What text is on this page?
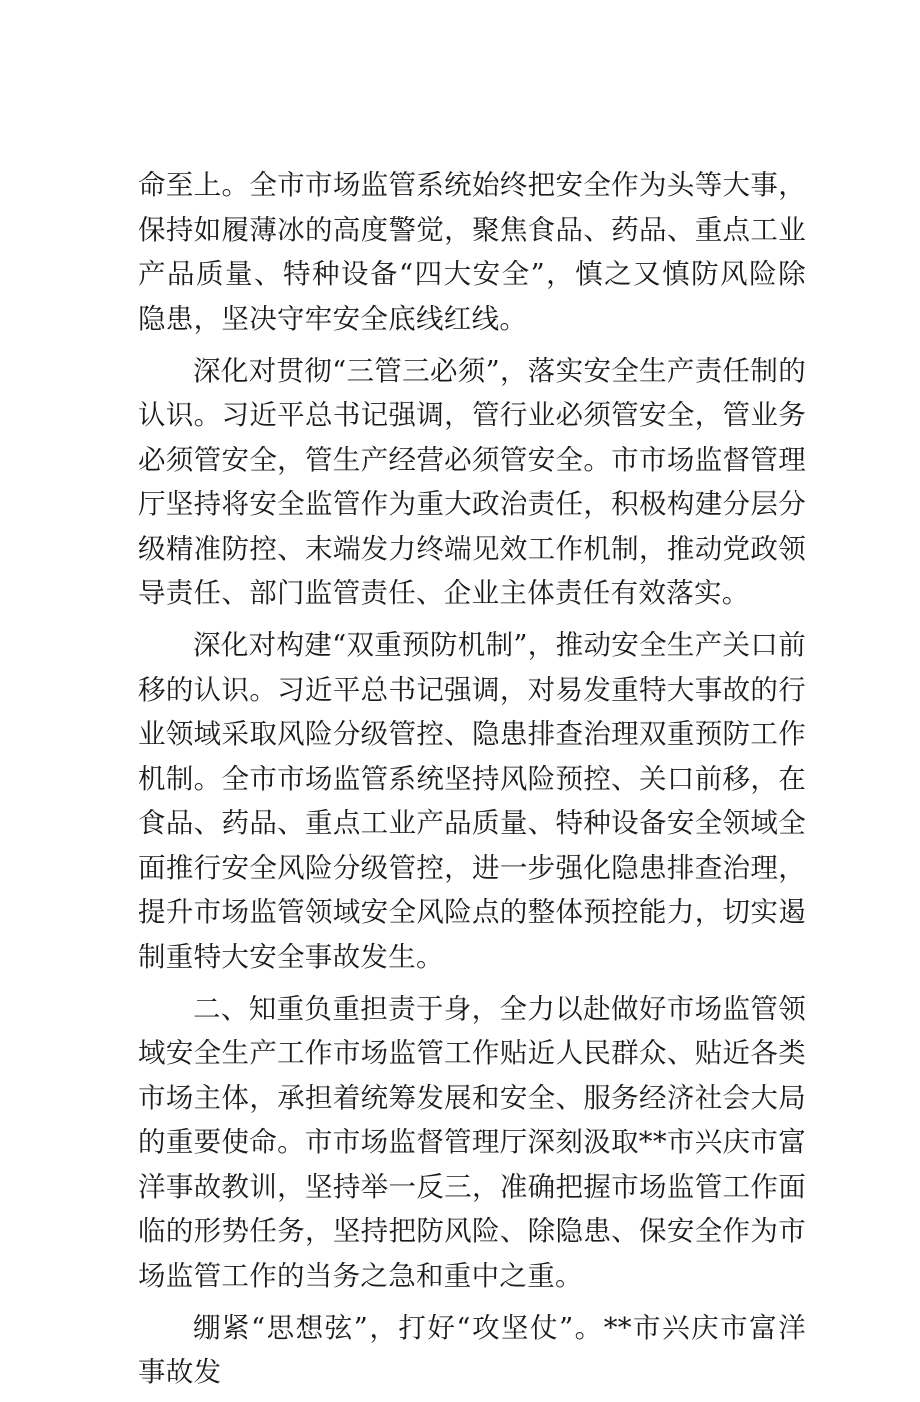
命至上。全市市场监管系统始终把安全作为头等大事，保持如履薄冰的高度警觉，聚焦食品、药品、重点工业产品质量、特种设备“四大安全”，慎之又慎防风险除隐患，坚决守牢安全底线红线。

深化对贯彻“三管三必须”，落实安全生产责任制的认识。习近平总书记强调，管行业必须管安全，管业务必须管安全，管生产经营必须管安全。市市场监督管理厅坚持将安全监管作为重大政治责任，积极构建分层分级精准防控、末端发力终端见效工作机制，推动党政领导责任、部门监管责任、企业主体责任有效落实。

深化对构建“双重预防机制”，推动安全生产关口前移的认识。习近平总书记强调，对易发重特大事故的行业领域采取风险分级管控、隐患排查治理双重预防工作机制。全市市场监管系统坚持风险预控、关口前移，在食品、药品、重点工业产品质量、特种设备安全领域全面推行安全风险分级管控，进一步强化隐患排查治理，提升市场监管领域安全风险点的整体预控能力，切实遏制重特大安全事故发生。

二、知重负重担责于身，全力以赴做好市场监管领域安全生产工作市场监管工作贴近人民群众、贴近各类市场主体，承担着统筹发展和安全、服务经济社会大局的重要使命。市市场监督管理厅深刻汲取**市兴庆市富洋事故教训，坚持举一反三，准确把握市场监管工作面临的形势任务，坚持把防风险、除隐患、保安全作为市场监管工作的当务之急和重中之重。

绷紧“思想弦”，打好“攻坚仗”。**市兴庆市富洋事故发
